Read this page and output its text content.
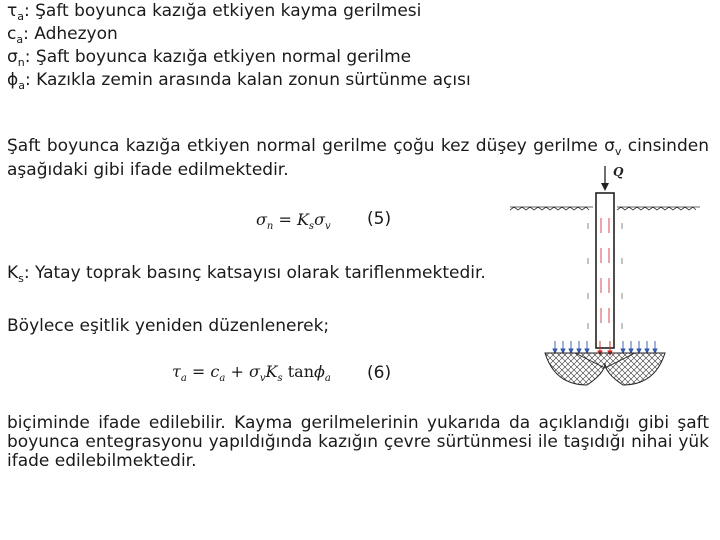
$\tau_a$: Şaft boyunca kazığa etkiyen kayma gerilmesi
$c_a$: Adhezyon
$\sigma_n$: Şaft boyunca kazığa etkiyen normal gerilme
$\phi_a$: Kazıkla zemin arasında kalan zonun sürtünme açısı
Şaft boyunca kazığa etkiyen normal gerilme çoğu kez düşey gerilme $\sigma_v$ cinsinden aşağıdaki gibi ifade edilmektedir.
$\sigma_n = K_s\sigma_v$ (5)
$K_s$: Yatay toprak basınç katsayısı olarak tariflenmektedir.
Böylece eşitlik yeniden düzenlenerek;
$\tau_a = c_a + \sigma_vK_s$ tanϕ$_a$ (6)
biçiminde ifade edilebilir. Kayma gerilmelerinin yukarıda da açıklandığı gibi şaft boyunca entegrasyonu yapıldığında kazığın çevre sürtünmesi ile taşıdığı nihai yük ifade edilebilmektedir.
Q
